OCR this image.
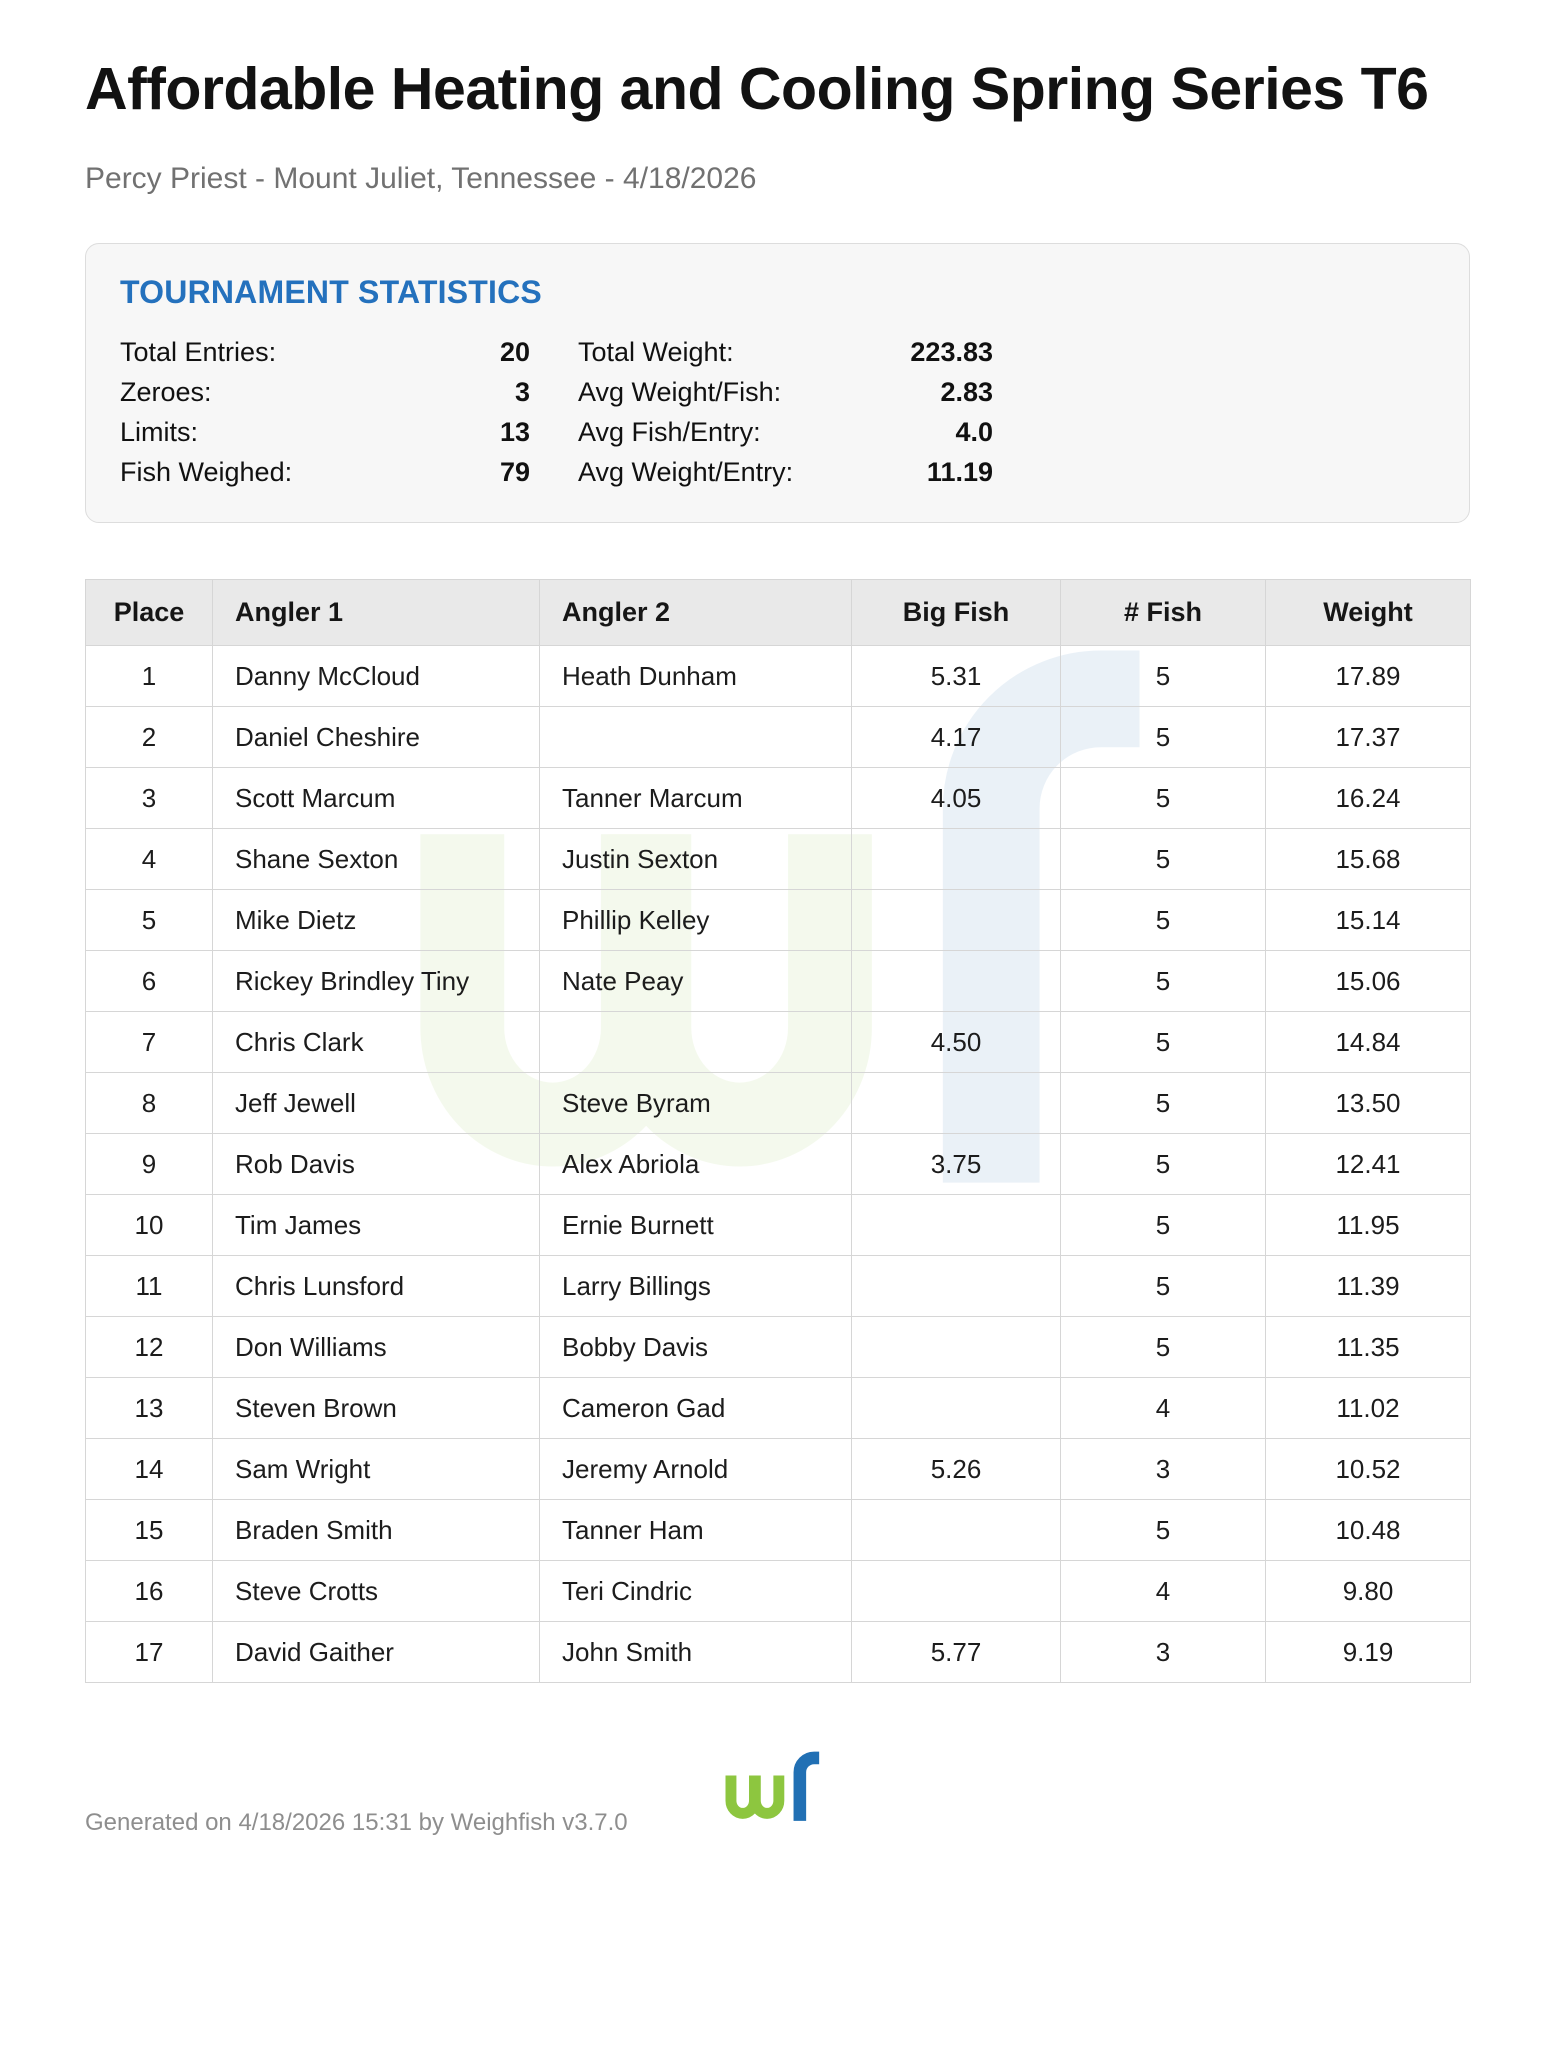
Affordable Heating and Cooling Spring Series T6
Percy Priest - Mount Juliet, Tennessee - 4/18/2026
TOURNAMENT STATISTICS
Total Entries:	20 Total Weight:	223.83
Zeroes:	3 Avg Weight/Fish:	2.83
Limits:	13 Avg Fish/Entry:	4.0
Fish Weighed:	79 Avg Weight/Entry:	11.19
Place	Angler 1	Angler 2	Big Fish	# Fish	Weight
1	Danny McCloud	Heath Dunham	5.31	5	17.89
2	Daniel Cheshire		4.17	5	17.37
3	Scott Marcum	Tanner Marcum	4.05	5	16.24
4	Shane Sexton	Justin Sexton		5	15.68
5	Mike Dietz	Phillip Kelley		5	15.14
6	Rickey Brindley Tiny	Nate Peay		5	15.06
7	Chris Clark		4.50	5	14.84
8	Jeff Jewell	Steve Byram		5	13.50
9	Rob Davis	Alex Abriola	3.75	5	12.41
10	Tim James	Ernie Burnett		5	11.95
11	Chris Lunsford	Larry Billings		5	11.39
12	Don Williams	Bobby Davis		5	11.35
13	Steven Brown	Cameron Gad		4	11.02
14	Sam Wright	Jeremy Arnold	5.26	3	10.52
15	Braden Smith	Tanner Ham		5	10.48
16	Steve Crotts	Teri Cindric		4	9.80
17	David Gaither	John Smith	5.77	3	9.19
Generated on 4/18/2026 15:31 by Weighfish v3.7.0
